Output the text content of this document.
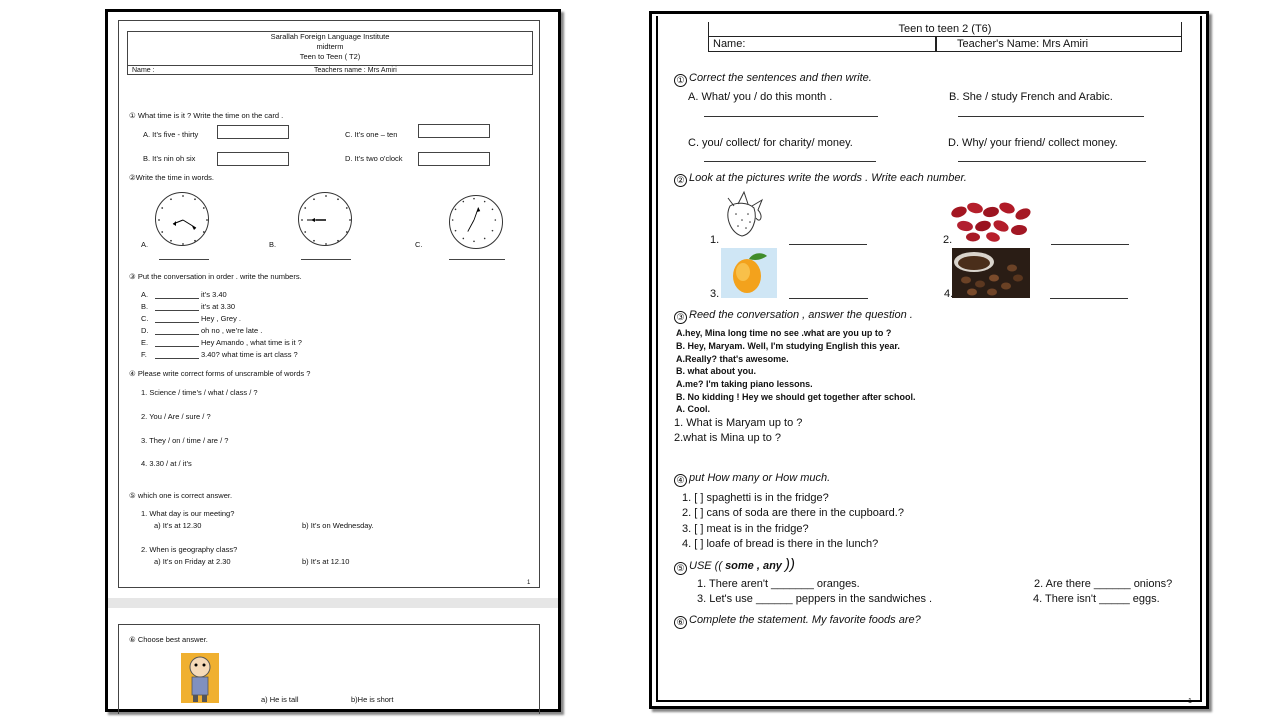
Sarallah Foreign Language Institute
midterm
Teen to Teen ( T2)
Name :	Teachers name : Mrs Amiri
① What time is it ? Write the time on the card .
A. It’s five - thirty	C. It’s one – ten
B. It’s nin oh six	D. It’s two o'clock
②Write the time in words.
A.	B.	C.
③ Put the conversation in order . write the numbers.
A.	it’s 3.40
B.	it’s at 3.30
C.	Hey , Grey .
D.	oh no , we’re late .
E.	Hey Amando , what time is it ?
F.	3.40? what time is art class ?
④ Please write correct forms of unscramble of words ?
1. Science / time’s / what / class / ?
2. You / Are / sure / ?
3. They / on / time / are / ?
4. 3.30 / at / it’s
⑤ which one is correct answer.
1. What day is our meeting?
a) It’s at 12.30	b) It’s on Wednesday.
2. When is geography class?
a) It’s on Friday at 2.30	b) It’s at 12.10
1
⑥ Choose best answer.
a) He is tall	b)He is short
Teen to teen 2 (T6)
Name:	Teacher's Name: Mrs Amiri
① Correct the sentences and then write.
A. What/ you / do this month .	B. She / study French and Arabic.
C. you/ collect/ for charity/ money.	D. Why/ your friend/ collect money.
② Look at the pictures write the words . Write each number.
1.	2.
3.	4.
③ Reed the conversation , answer the question .
A.hey, Mina long time no see .what are you up to ?
B. Hey, Maryam. Well, I'm studying English this year.
A.Really? that's awesome.
B. what about you.
A.me? I'm taking piano lessons.
B. No kidding ! Hey we should get together after school.
A. Cool.
1. What is Maryam up to ?
2.what is Mina up to ?
④ put How many or How much.
1. [ ] spaghetti is in the fridge?
2. [ ] cans of soda are there in the cupboard.?
3. [ ] meat is in the fridge?
4. [ ] loafe of bread is there in the lunch?
⑤ USE (( some , any ))
1. There aren't _______ oranges.	2. Are there ______ onions?
3. Let's use ______ peppers in the sandwiches .	4. There isn't _____ eggs.
⑥ Complete the statement. My favorite foods are?
1
